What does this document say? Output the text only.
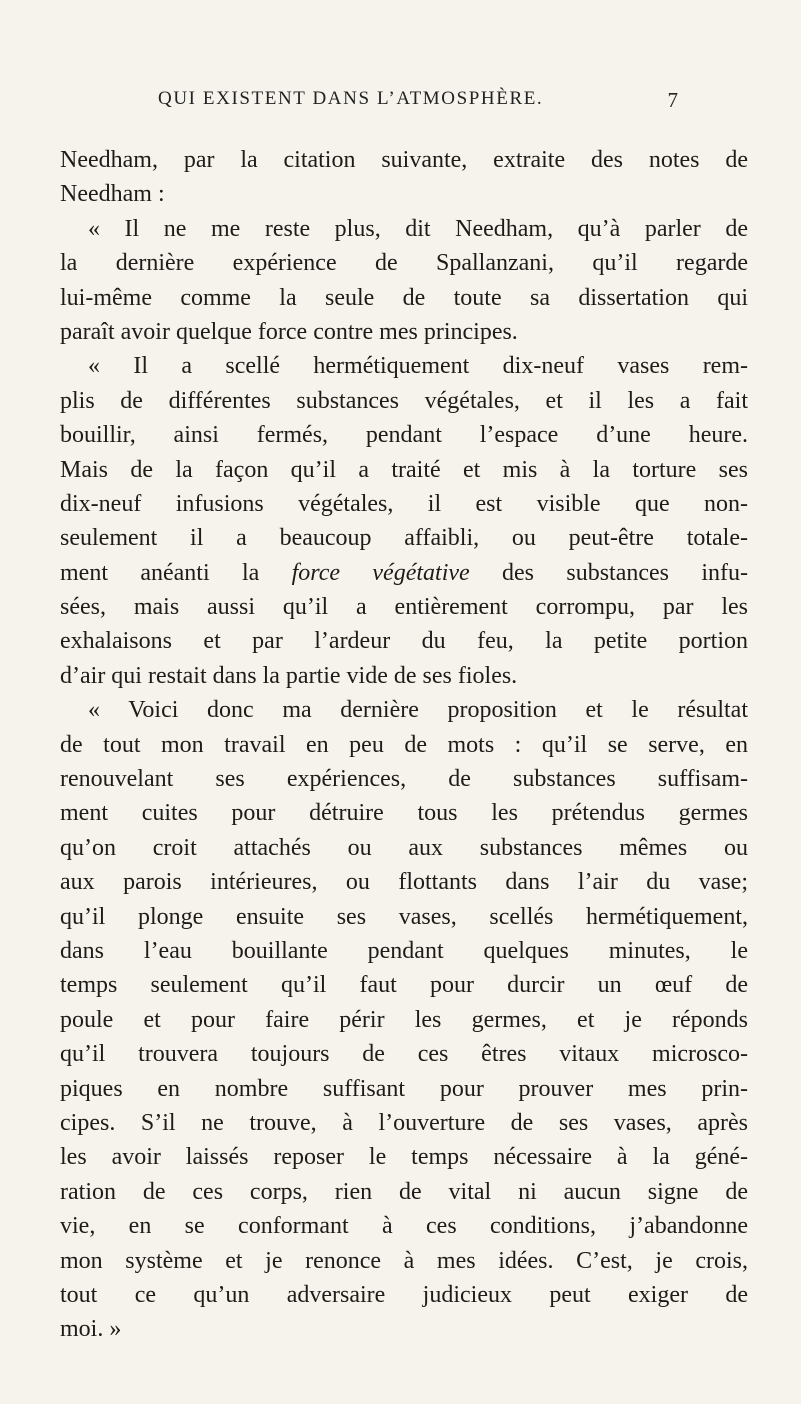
QUI EXISTENT DANS L’ATMOSPHÈRE.	7
Needham, par la citation suivante, extraite des notes de
Needham :
« Il ne me reste plus, dit Needham, qu’à parler de
la dernière expérience de Spallanzani, qu’il regarde
lui-même comme la seule de toute sa dissertation qui
paraît avoir quelque force contre mes principes.
« Il a scellé hermétiquement dix-neuf vases rem-
plis de différentes substances végétales, et il les a fait
bouillir, ainsi fermés, pendant l’espace d’une heure.
Mais de la façon qu’il a traité et mis à la torture ses
dix-neuf infusions végétales, il est visible que non-
seulement il a beaucoup affaibli, ou peut-être totale-
ment anéanti la force végétative des substances infu-
sées, mais aussi qu’il a entièrement corrompu, par les
exhalaisons et par l’ardeur du feu, la petite portion
d’air qui restait dans la partie vide de ses fioles.
« Voici donc ma dernière proposition et le résultat
de tout mon travail en peu de mots : qu’il se serve, en
renouvelant ses expériences, de substances suffisam-
ment cuites pour détruire tous les prétendus germes
qu’on croit attachés ou aux substances mêmes ou
aux parois intérieures, ou flottants dans l’air du vase;
qu’il plonge ensuite ses vases, scellés hermétiquement,
dans l’eau bouillante pendant quelques minutes, le
temps seulement qu’il faut pour durcir un œuf de
poule et pour faire périr les germes, et je réponds
qu’il trouvera toujours de ces êtres vitaux microsco-
piques en nombre suffisant pour prouver mes prin-
cipes. S’il ne trouve, à l’ouverture de ses vases, après
les avoir laissés reposer le temps nécessaire à la géné-
ration de ces corps, rien de vital ni aucun signe de
vie, en se conformant à ces conditions, j’abandonne
mon système et je renonce à mes idées. C’est, je crois,
tout ce qu’un adversaire judicieux peut exiger de
moi. »
